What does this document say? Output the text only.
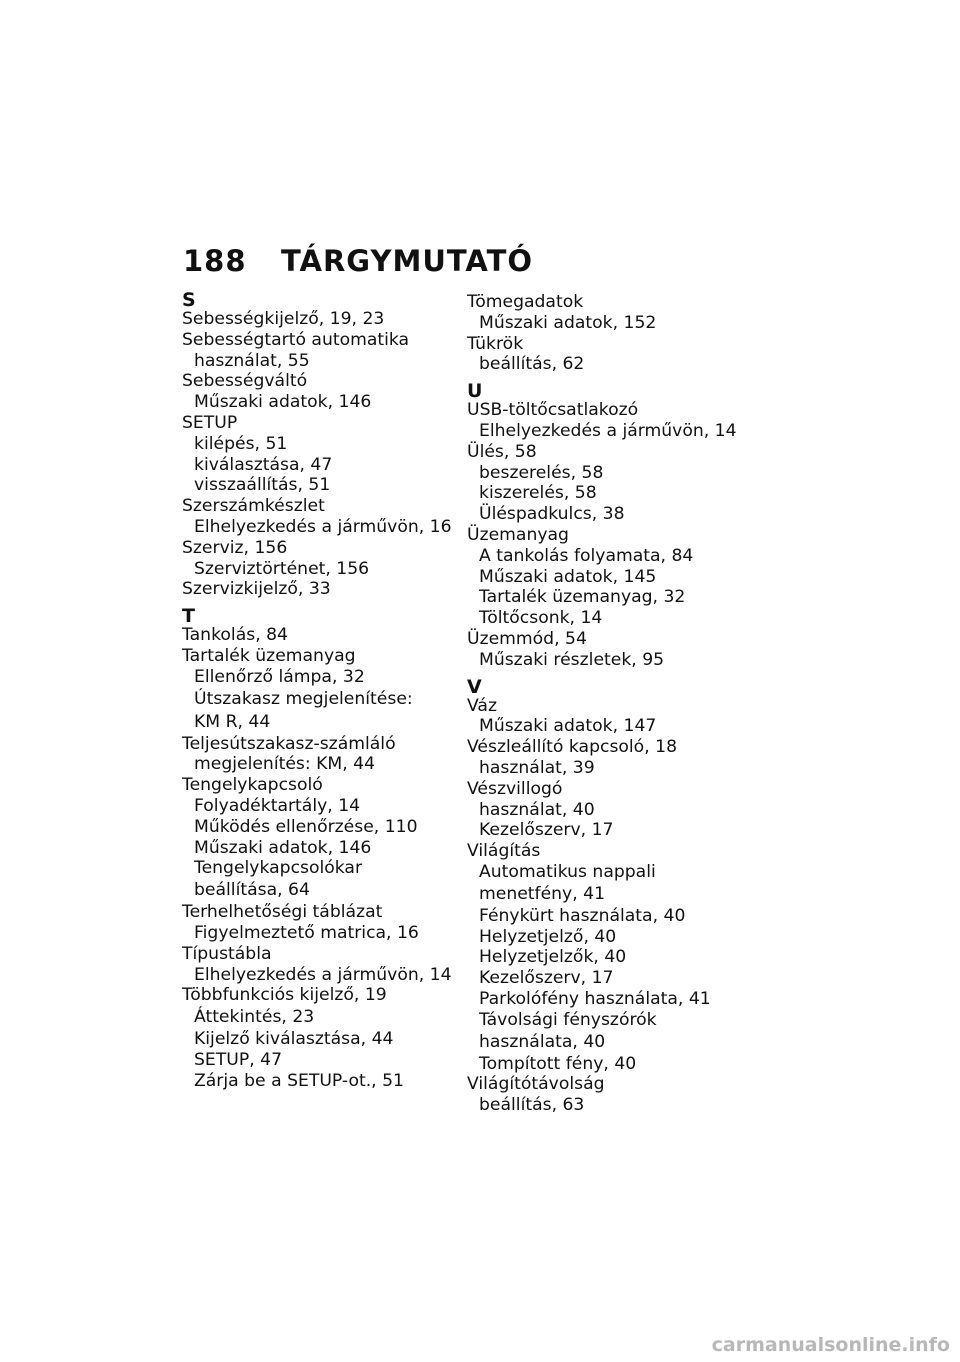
188	TÁRGYMUTATÓ
S
Sebességkijelző, 19, 23
Sebességtartó automatika
használat, 55
Sebességváltó
Műszaki adatok, 146
SETUP
kilépés, 51
kiválasztása, 47
visszaállítás, 51
Szerszámkészlet
Elhelyezkedés a járművön, 16
Szerviz, 156
Szerviztörténet, 156
Szervizkijelző, 33
T
Tankolás, 84
Tartalék üzemanyag
Ellenőrző lámpa, 32
Útszakasz megjelenítése:
KM R, 44
Teljesútszakasz-számláló
megjelenítés: KM, 44
Tengelykapcsoló
Folyadéktartály, 14
Működés ellenőrzése, 110
Műszaki adatok, 146
Tengelykapcsolókar
beállítása, 64
Terhelhetőségi táblázat
Figyelmeztető matrica, 16
Típustábla
Elhelyezkedés a járművön, 14
Többfunkciós kijelző, 19
Áttekintés, 23
Kijelző kiválasztása, 44
SETUP, 47
Zárja be a SETUP-ot., 51
Tömegadatok
Műszaki adatok, 152
Tükrök
beállítás, 62
U
USB-töltőcsatlakozó
Elhelyezkedés a járművön, 14
Ülés, 58
beszerelés, 58
kiszerelés, 58
Üléspadkulcs, 38
Üzemanyag
A tankolás folyamata, 84
Műszaki adatok, 145
Tartalék üzemanyag, 32
Töltőcsonk, 14
Üzemmód, 54
Műszaki részletek, 95
V
Váz
Műszaki adatok, 147
Vészleállító kapcsoló, 18
használat, 39
Vészvillogó
használat, 40
Kezelőszerv, 17
Világítás
Automatikus nappali
menetfény, 41
Fénykürt használata, 40
Helyzetjelző, 40
Helyzetjelzők, 40
Kezelőszerv, 17
Parkolófény használata, 41
Távolsági fényszórók
használata, 40
Tompított fény, 40
Világítótávolság
beállítás, 63
carmanualsonline.info
